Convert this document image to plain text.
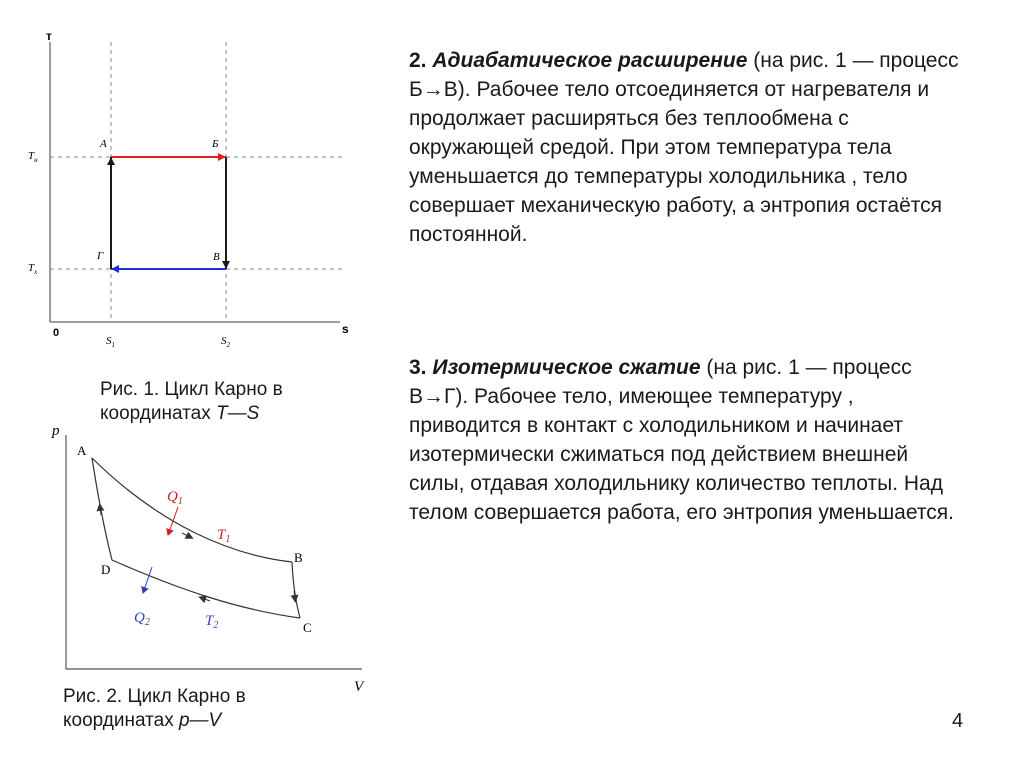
т
s
0
$T_н$
$T_х$
$S_1$	$S_2$
А	Б
В
Г
Рис. 1. Цикл Карно в
координатах T—S
p
V
A
B
C
D
$Q_1$
$T_1$
$Q_2$	$T_2$
Рис. 2. Цикл Карно в
координатах p—V
2. Адиабатическое расширение (на рис. 1 — процесс Б→В). Рабочее тело отсоединяется от нагревателя и продолжает расширяться без теплообмена с окружающей средой. При этом температура тела уменьшается до температуры холодильника , тело совершает механическую работу, а энтропия остаётся постоянной.
3. Изотермическое сжатие (на рис. 1 — процесс В→Г). Рабочее тело, имеющее температуру , приводится в контакт с холодильником и начинает изотермически сжиматься под действием внешней силы, отдавая холодильнику количество теплоты. Над телом совершается работа, его энтропия уменьшается.
4
